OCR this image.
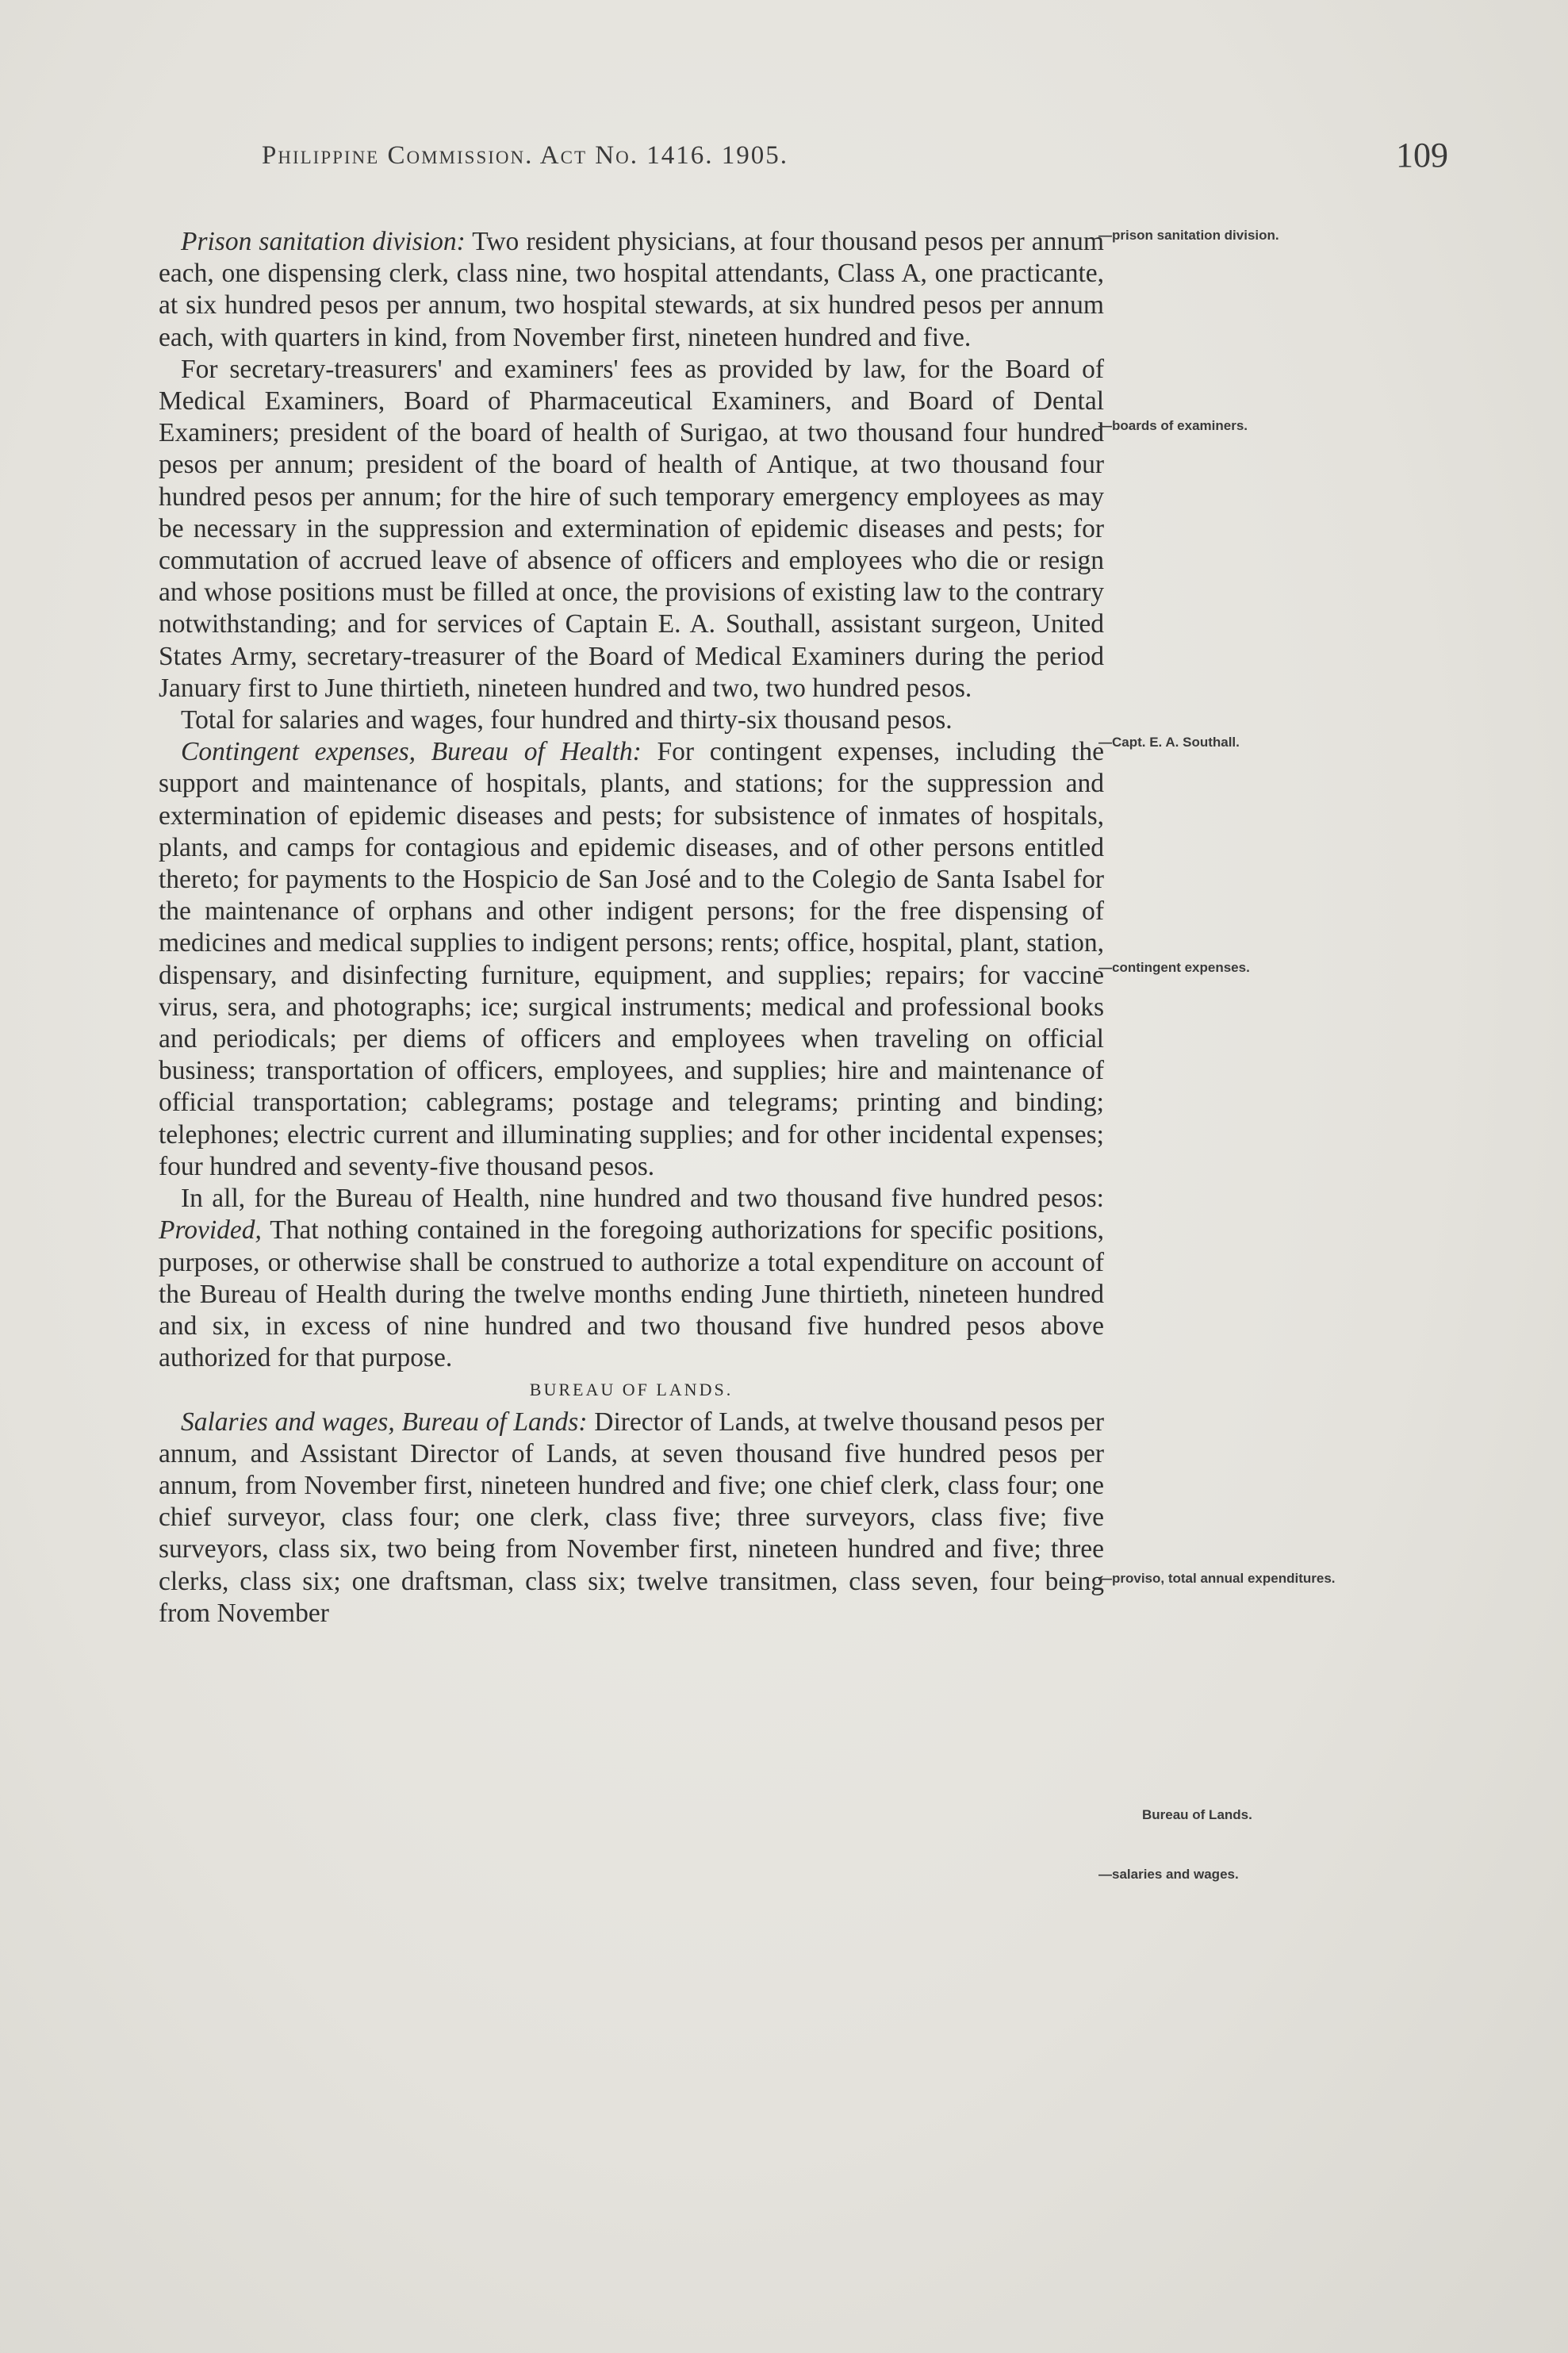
Philippine Commission. Act No. 1416. 1905.	109

Prison sanitation division: Two resident physicians, at four thousand pesos per annum each, one dispensing clerk, class nine, two hospital attendants, Class A, one practicante, at six hundred pesos per annum, two hospital stewards, at six hundred pesos per annum each, with quarters in kind, from November first, nineteen hundred and five.

For secretary-treasurers' and examiners' fees as provided by law, for the Board of Medical Examiners, Board of Pharmaceutical Examiners, and Board of Dental Examiners; president of the board of health of Surigao, at two thousand four hundred pesos per annum; president of the board of health of Antique, at two thousand four hundred pesos per annum; for the hire of such temporary emergency employees as may be necessary in the suppression and extermination of epidemic diseases and pests; for commutation of accrued leave of absence of officers and employees who die or resign and whose positions must be filled at once, the provisions of existing law to the contrary notwithstanding; and for services of Captain E. A. Southall, assistant surgeon, United States Army, secretary-treasurer of the Board of Medical Examiners during the period January first to June thirtieth, nineteen hundred and two, two hundred pesos.

Total for salaries and wages, four hundred and thirty-six thousand pesos.

Contingent expenses, Bureau of Health: For contingent expenses, including the support and maintenance of hospitals, plants, and stations; for the suppression and extermination of epidemic diseases and pests; for subsistence of inmates of hospitals, plants, and camps for contagious and epidemic diseases, and of other persons entitled thereto; for payments to the Hospicio de San José and to the Colegio de Santa Isabel for the maintenance of orphans and other indigent persons; for the free dispensing of medicines and medical supplies to indigent persons; rents; office, hospital, plant, station, dispensary, and disinfecting furniture, equipment, and supplies; repairs; for vaccine virus, sera, and photographs; ice; surgical instruments; medical and professional books and periodicals; per diems of officers and employees when traveling on official business; transportation of officers, employees, and supplies; hire and maintenance of official transportation; cablegrams; postage and telegrams; printing and binding; telephones; electric current and illuminating supplies; and for other incidental expenses; four hundred and seventy-five thousand pesos.

In all, for the Bureau of Health, nine hundred and two thousand five hundred pesos: Provided, That nothing contained in the foregoing authorizations for specific positions, purposes, or otherwise shall be construed to authorize a total expenditure on account of the Bureau of Health during the twelve months ending June thirtieth, nineteen hundred and six, in excess of nine hundred and two thousand five hundred pesos above authorized for that purpose.

BUREAU OF LANDS.

Salaries and wages, Bureau of Lands: Director of Lands, at twelve thousand pesos per annum, and Assistant Director of Lands, at seven thousand five hundred pesos per annum, from November first, nineteen hundred and five; one chief clerk, class four; one chief surveyor, class four; one clerk, class five; three surveyors, class five; five surveyors, class six, two being from November first, nineteen hundred and five; three clerks, class six; one draftsman, class six; twelve transitmen, class seven, four being from November

—prison sanitation division.
—boards of examiners.
—Capt. E. A. Southall.
—contingent expenses.
—proviso, total annual expenditures.
Bureau of Lands.
—salaries and wages.
